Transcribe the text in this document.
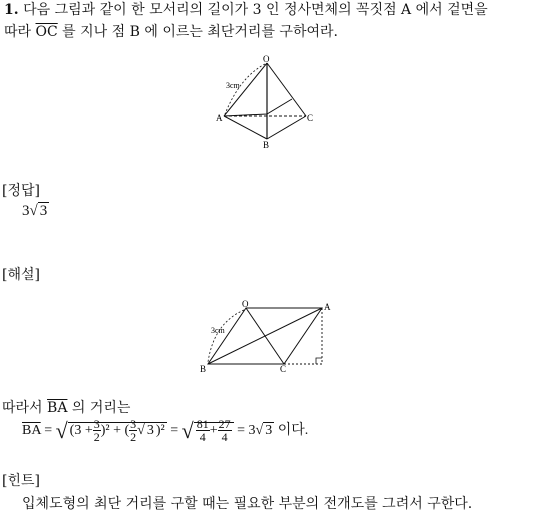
1. 다음 그림과 같이 한 모서리의 길이가 3 인 정사면체의 꼭짓점 A 에서 겉면을
따라 $\overline{OC}$ 를 지나 점 B 에 이르는 최단거리를 구하여라.
O
A	C
B
3cm
[정답]
3√ 3
[해설]
O	A
B	C
3cm
따라서 $\overline{BA}$ 의 거리는
$\overline{BA}$ = √ $(3 + \frac{3}{2} )^2$ + ( $\frac{3}{2}$ √ 3 )² = √ $\frac{81}{4} + \frac{27}{4} = 3√$ 3 이다.
[힌트]
입체도형의 최단 거리를 구할 때는 필요한 부분의 전개도를 그려서 구한다.
